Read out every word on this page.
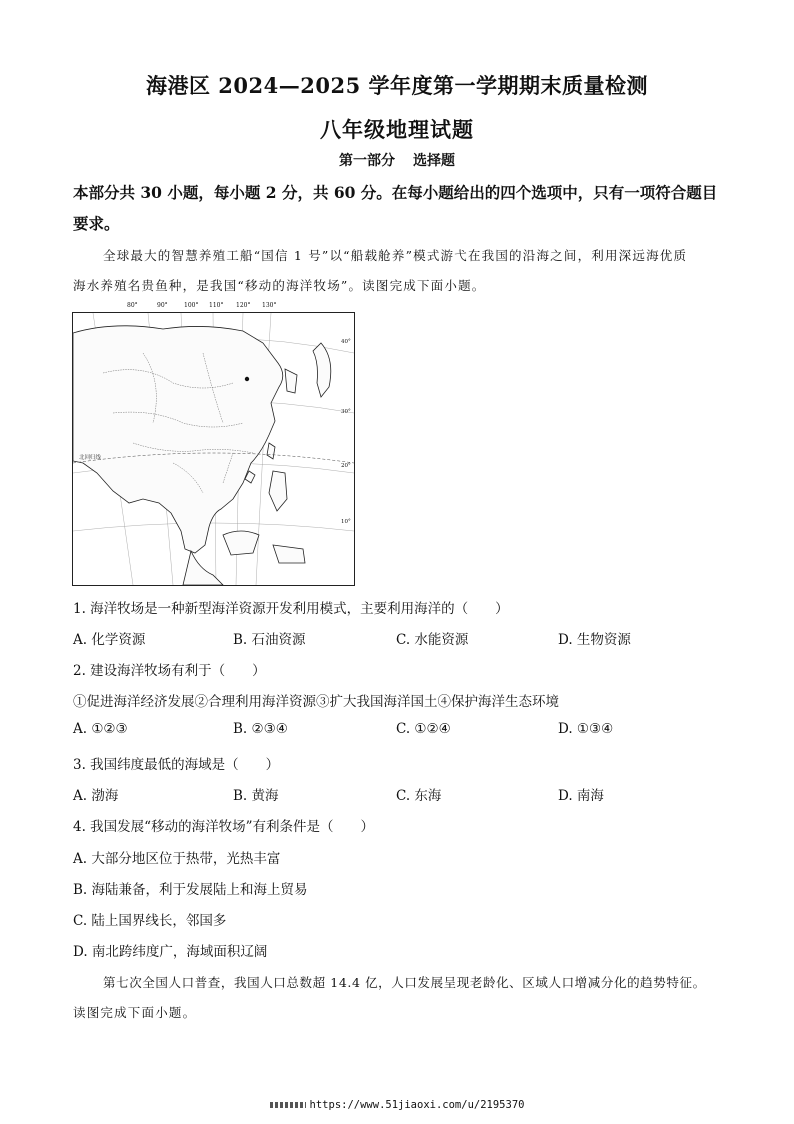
海港区 2024—2025 学年度第一学期期末质量检测
八年级地理试题
第一部分 选择题
本部分共 30 小题，每小题 2 分，共 60 分。在每小题给出的四个选项中，只有一项符合题目
要求。
全球最大的智慧养殖工船“国信 1 号”以“船载舱养”模式游弋在我国的沿海之间，利用深远海优质
海水养殖名贵鱼种，是我国“移动的海洋牧场”。读图完成下面小题。
80°	90°	100° 110° 120° 130°
北回归线
40°
30°
20°
10°
1. 海洋牧场是一种新型海洋资源开发利用模式，主要利用海洋的（　　）
A. 化学资源	B. 石油资源	C. 水能资源	D. 生物资源
2. 建设海洋牧场有利于（　　）
①促进海洋经济发展②合理利用海洋资源③扩大我国海洋国土④保护海洋生态环境
A. ①②③	B. ②③④	C. ①②④	D. ①③④
3. 我国纬度最低的海域是（　　）
A. 渤海	B. 黄海	C. 东海	D. 南海
4. 我国发展“移动的海洋牧场”有利条件是（　　）
A. 大部分地区位于热带，光热丰富
B. 海陆兼备，利于发展陆上和海上贸易
C. 陆上国界线长，邻国多
D. 南北跨纬度广，海域面积辽阔
第七次全国人口普查，我国人口总数超 14.4 亿，人口发展呈现老龄化、区域人口增减分化的趋势特征。
读图完成下面小题。
https://www.51jiaoxi.com/u/2195370
